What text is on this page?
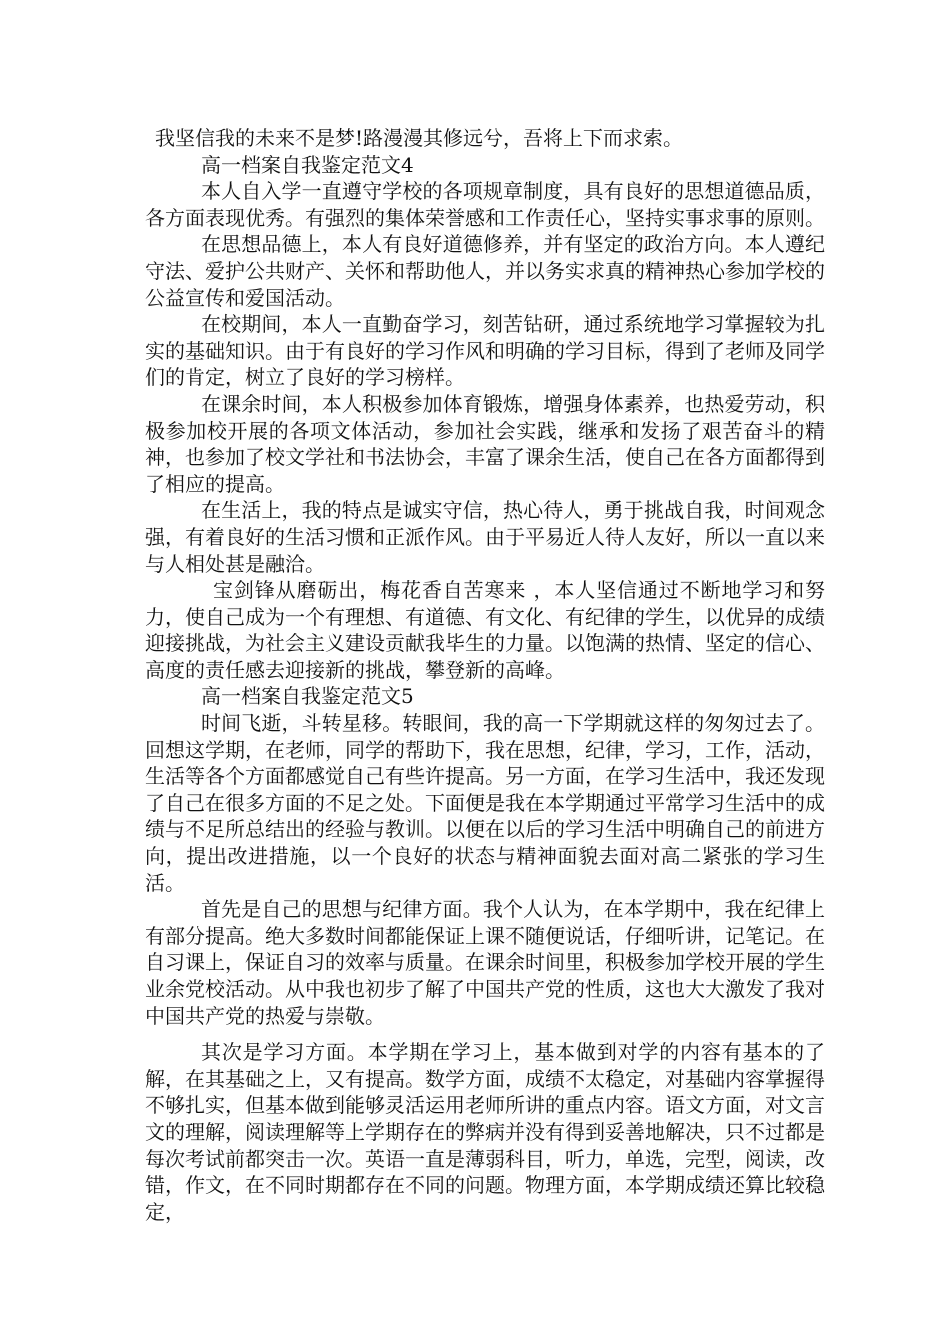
我坚信我的未来不是梦!路漫漫其修远兮，吾将上下而求索。

高一档案自我鉴定范文4

本人自入学一直遵守学校的各项规章制度，具有良好的思想道德品质，各方面表现优秀。有强烈的集体荣誉感和工作责任心，坚持实事求事的原则。

在思想品德上，本人有良好道德修养，并有坚定的政治方向。本人遵纪守法、爱护公共财产、关怀和帮助他人，并以务实求真的精神热心参加学校的公益宣传和爱国活动。

在校期间，本人一直勤奋学习，刻苦钻研，通过系统地学习掌握较为扎实的基础知识。由于有良好的学习作风和明确的学习目标，得到了老师及同学们的肯定，树立了良好的学习榜样。

在课余时间，本人积极参加体育锻炼，增强身体素养，也热爱劳动，积极参加校开展的各项文体活动，参加社会实践，继承和发扬了艰苦奋斗的精神，也参加了校文学社和书法协会，丰富了课余生活，使自己在各方面都得到了相应的提高。

在生活上，我的特点是诚实守信，热心待人，勇于挑战自我，时间观念强，有着良好的生活习惯和正派作风。由于平易近人待人友好，所以一直以来与人相处甚是融洽。

宝剑锋从磨砺出，梅花香自苦寒来 ，本人坚信通过不断地学习和努力，使自己成为一个有理想、有道德、有文化、有纪律的学生，以优异的成绩迎接挑战，为社会主义建设贡献我毕生的力量。以饱满的热情、坚定的信心、高度的责任感去迎接新的挑战，攀登新的高峰。

高一档案自我鉴定范文5

时间飞逝，斗转星移。转眼间，我的高一下学期就这样的匆匆过去了。回想这学期，在老师，同学的帮助下，我在思想，纪律，学习，工作，活动，生活等各个方面都感觉自己有些许提高。另一方面，在学习生活中，我还发现了自己在很多方面的不足之处。下面便是我在本学期通过平常学习生活中的成绩与不足所总结出的经验与教训。以便在以后的学习生活中明确自己的前进方向，提出改进措施，以一个良好的状态与精神面貌去面对高二紧张的学习生活。

首先是自己的思想与纪律方面。我个人认为，在本学期中，我在纪律上有部分提高。绝大多数时间都能保证上课不随便说话，仔细听讲，记笔记。在自习课上，保证自习的效率与质量。在课余时间里，积极参加学校开展的学生业余党校活动。从中我也初步了解了中国共产党的性质，这也大大激发了我对中国共产党的热爱与崇敬。

其次是学习方面。本学期在学习上，基本做到对学的内容有基本的了解，在其基础之上，又有提高。数学方面，成绩不太稳定，对基础内容掌握得不够扎实，但基本做到能够灵活运用老师所讲的重点内容。语文方面，对文言文的理解，阅读理解等上学期存在的弊病并没有得到妥善地解决，只不过都是每次考试前都突击一次。英语一直是薄弱科目，听力，单选，完型，阅读，改错，作文，在不同时期都存在不同的问题。物理方面，本学期成绩还算比较稳定，
